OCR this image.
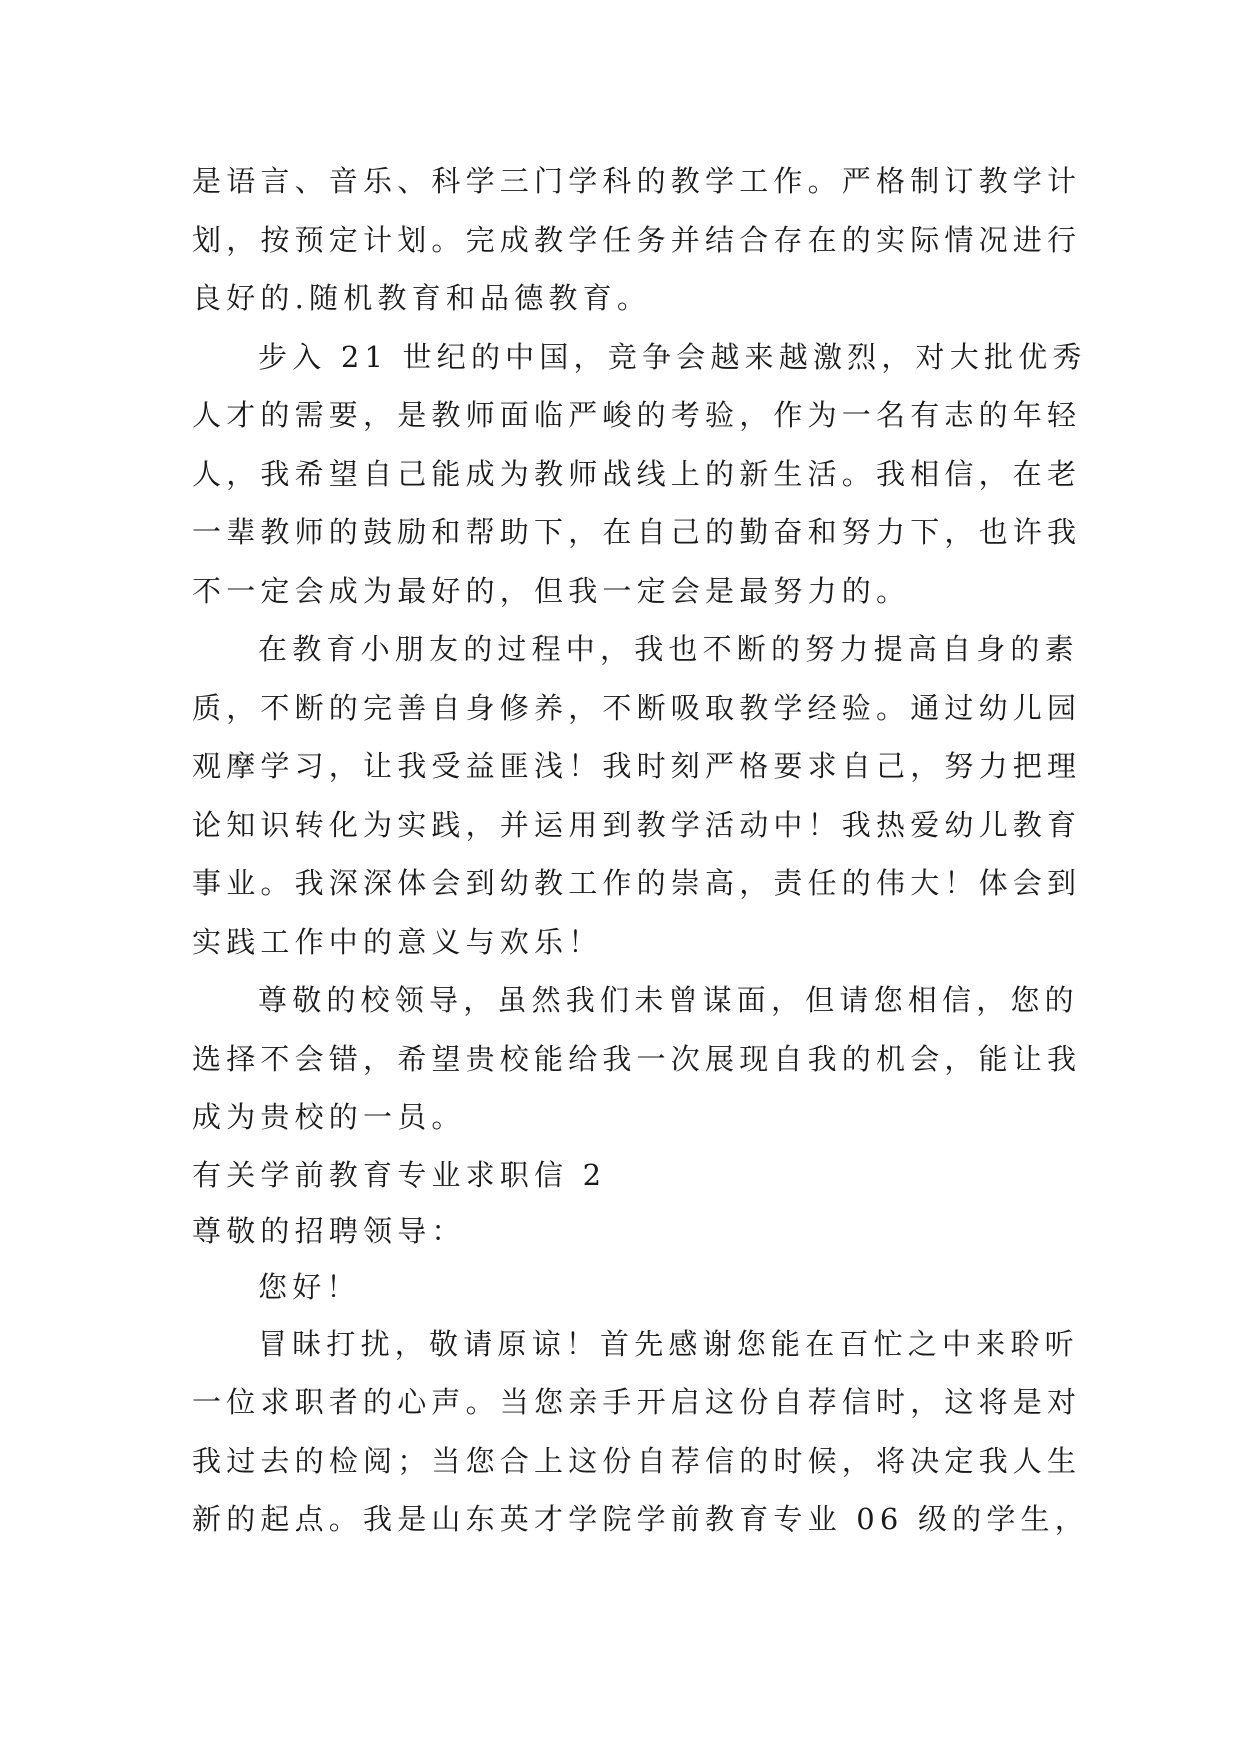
是语言、音乐、科学三门学科的教学工作。严格制订教学计
划，按预定计划。完成教学任务并结合存在的实际情况进行
良好的.随机教育和品德教育。
步入 21 世纪的中国，竞争会越来越激烈，对大批优秀
人才的需要，是教师面临严峻的考验，作为一名有志的年轻
人，我希望自己能成为教师战线上的新生活。我相信，在老
一辈教师的鼓励和帮助下，在自己的勤奋和努力下，也许我
不一定会成为最好的，但我一定会是最努力的。
在教育小朋友的过程中，我也不断的努力提高自身的素
质，不断的完善自身修养，不断吸取教学经验。通过幼儿园
观摩学习，让我受益匪浅！我时刻严格要求自己，努力把理
论知识转化为实践，并运用到教学活动中！我热爱幼儿教育
事业。我深深体会到幼教工作的崇高，责任的伟大！体会到
实践工作中的意义与欢乐！
尊敬的校领导，虽然我们未曾谋面，但请您相信，您的
选择不会错，希望贵校能给我一次展现自我的机会，能让我
成为贵校的一员。
有关学前教育专业求职信 2
尊敬的招聘领导：
您好！
冒昧打扰，敬请原谅！首先感谢您能在百忙之中来聆听
一位求职者的心声。当您亲手开启这份自荐信时，这将是对
我过去的检阅；当您合上这份自荐信的时候，将决定我人生
新的起点。我是山东英才学院学前教育专业 06 级的学生，
